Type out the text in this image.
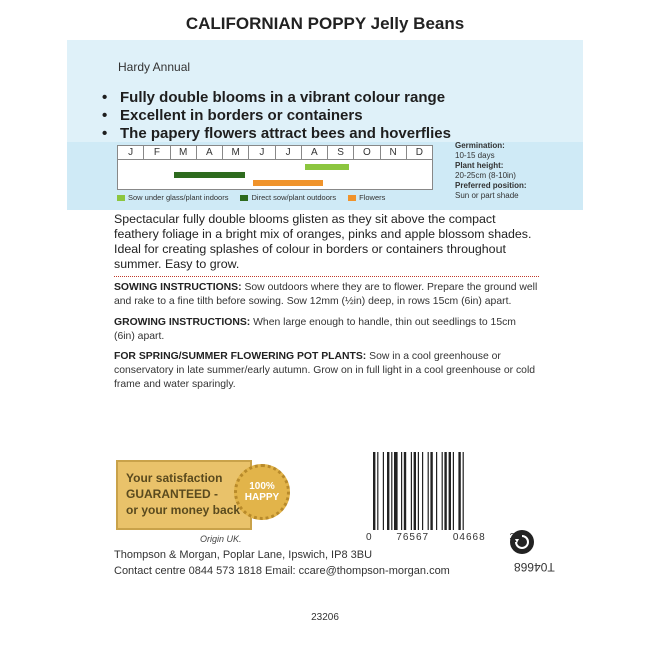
CALIFORNIAN POPPY Jelly Beans
Hardy Annual
• Fully double blooms in a vibrant colour range
• Excellent in borders or containers
• The papery flowers attract bees and hoverflies
J	F	M	A	M	J	J	A	S	O	N	D
Sow under glass/plant indoors	Direct sow/plant outdoors	Flowers
Germination:
10-15 days
Plant height:
20-25cm (8-10in)
Preferred position:
Sun or part shade
Spectacular fully double blooms glisten as they sit above the compact feathery foliage in a bright mix of oranges, pinks and apple blossom shades. Ideal for creating splashes of colour in borders or containers throughout summer. Easy to grow.
SOWING INSTRUCTIONS: Sow outdoors where they are to flower. Prepare the ground well and rake to a fine tilth before sowing. Sow 12mm (½in) deep, in rows 15cm (6in) apart.
GROWING INSTRUCTIONS: When large enough to handle, thin out seedlings to 15cm (6in) apart.
FOR SPRING/SUMMER FLOWERING POT PLANTS: Sow in a cool greenhouse or conservatory in late summer/early autumn. Grow on in full light in a cool greenhouse or cold frame and water sparingly.
Your satisfaction
GUARANTEED -
or your money back
100%
HAPPY
Origin UK.
Thompson & Morgan, Poplar Lane, Ipswich, IP8 3BU
Contact centre 0844 573 1818 Email: ccare@thompson-morgan.com
0 76567 04668
T04668
23206
